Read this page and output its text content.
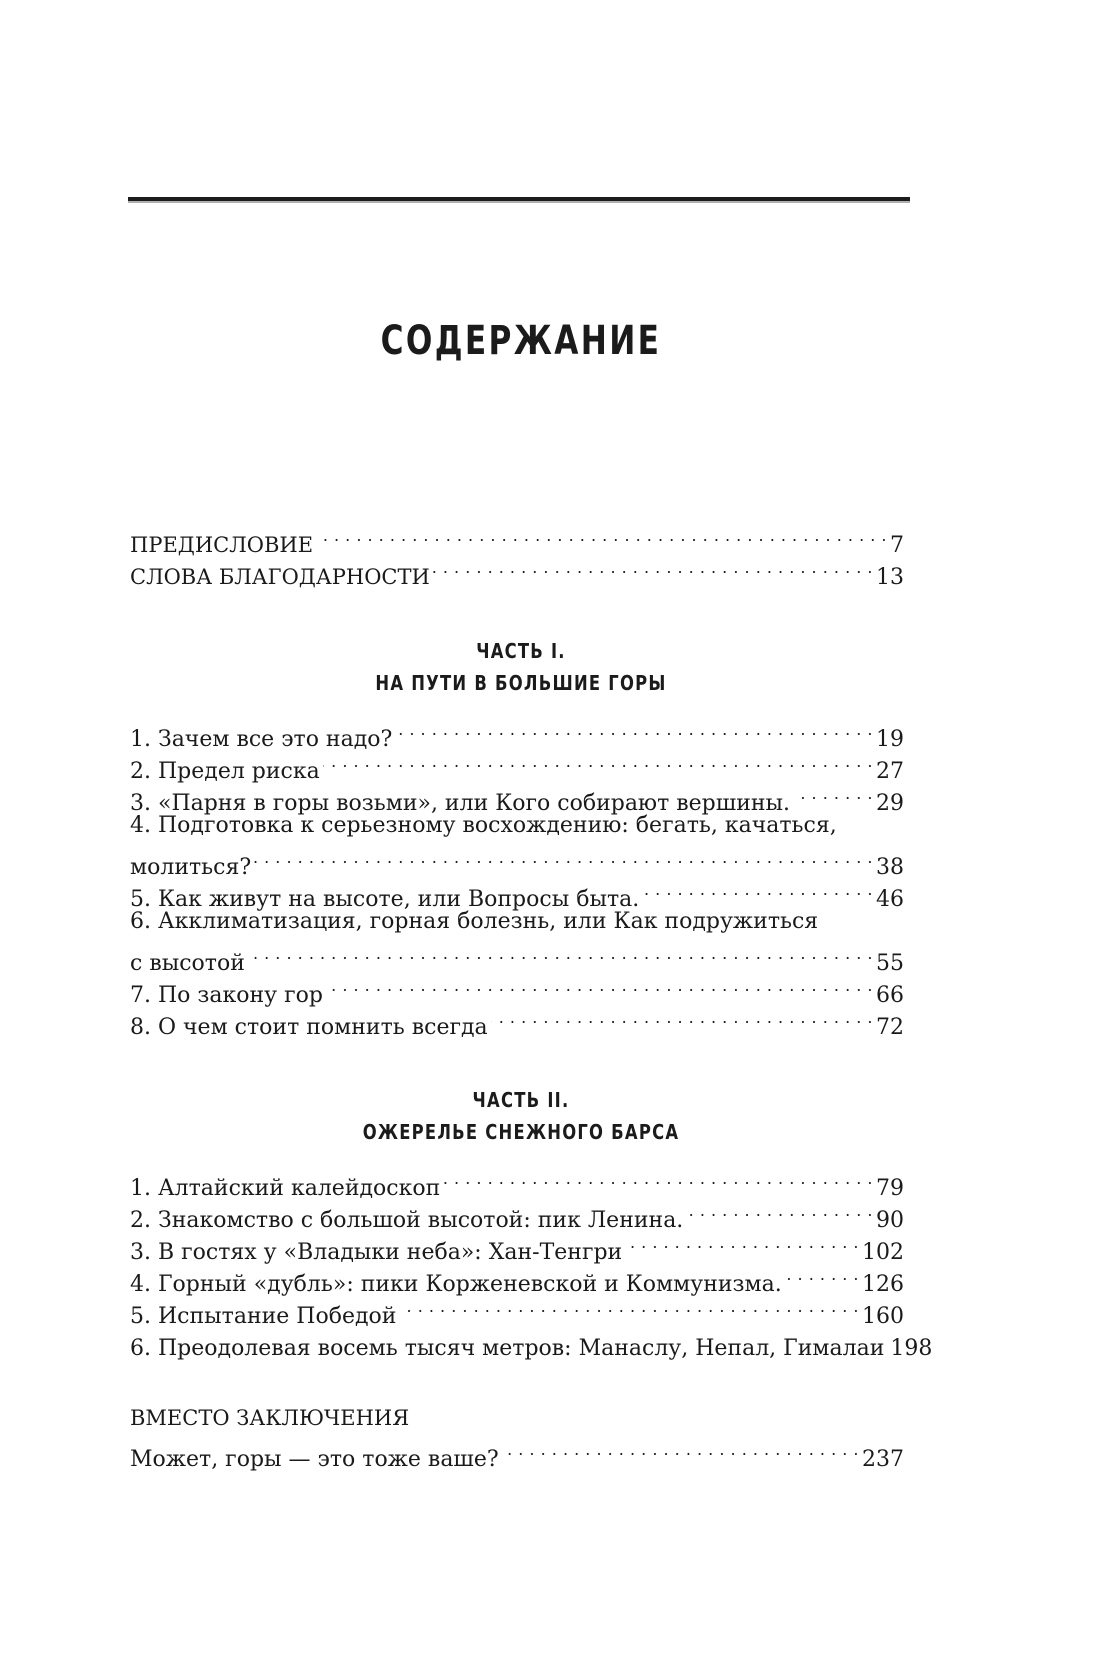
СОДЕРЖАНИЕ
ПРЕДИСЛОВИЕ . . .	7
СЛОВА БЛАГОДАРНОСТИ . . .	13
ЧАСТЬ I.
НА ПУТИ В БОЛЬШИЕ ГОРЫ
1. Зачем все это надо? . . .	19
2. Предел риска . . .	27
3. «Парня в горы возьми», или Кого собирают вершины. . . .	29
4. Подготовка к серьезному восхождению: бегать, качаться,
молиться? . . .	38
5. Как живут на высоте, или Вопросы быта. . . .	46
6. Акклиматизация, горная болезнь, или Как подружиться
с высотой . . .	55
7. По закону гор . . .	66
8. О чем стоит помнить всегда . . .	72
ЧАСТЬ II.
ОЖЕРЕЛЬЕ СНЕЖНОГО БАРСА
1. Алтайский калейдоскоп . . .	79
2. Знакомство с большой высотой: пик Ленина. . . .	90
3. В гостях у «Владыки неба»: Хан-Тенгри . . .	102
4. Горный «дубль»: пики Корженевской и Коммунизма. . . .	126
5. Испытание Победой . . .	160
6. Преодолевая восемь тысяч метров: Манаслу, Непал, Гималаи 198
ВМЕСТО ЗАКЛЮЧЕНИЯ
Может, горы — это тоже ваше? . . .	237
